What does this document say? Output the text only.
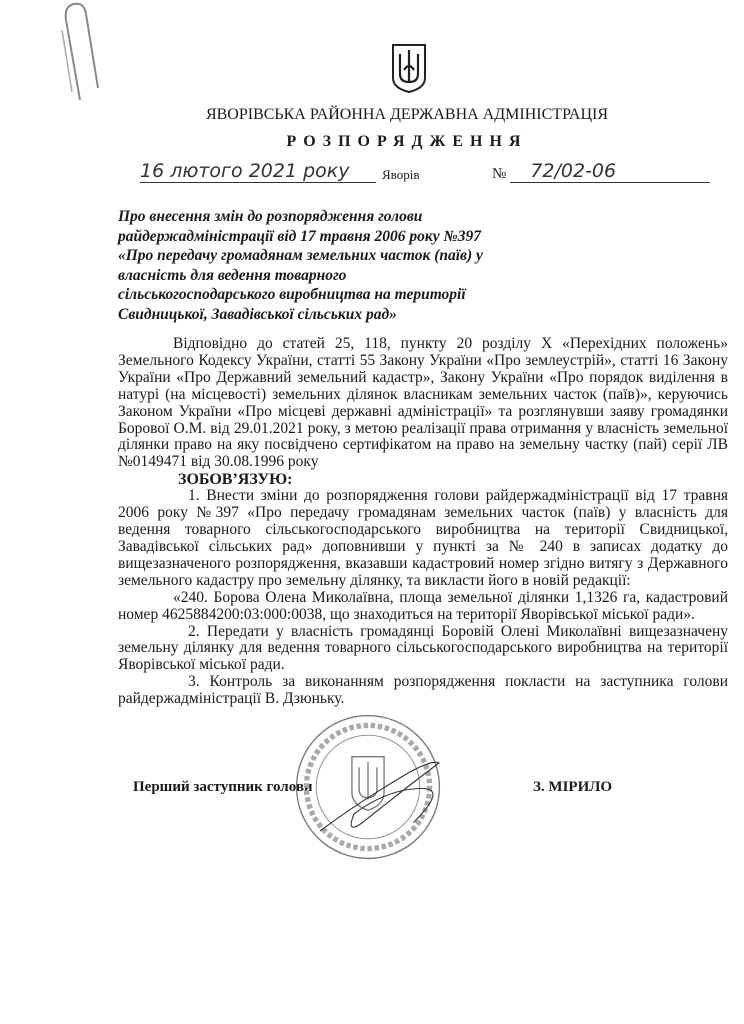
ЯВОРІВСЬКА РАЙОННА ДЕРЖАВНА АДМІНІСТРАЦІЯ
РОЗПОРЯДЖЕННЯ
16 лютого 2021 року	Яворів	№	72/02-06
Про внесення змін до розпорядження голови райдержадміністрації від 17 травня 2006 року №397 «Про передачу громадянам земельних часток (паїв) у власність для ведення товарного сільськогосподарського виробництва на території Свидницької, Завадівської сільських рад»
Відповідно до статей 25, 118, пункту 20 розділу X «Перехідних положень» Земельного Кодексу України, статті 55 Закону України «Про землеустрій», статті 16 Закону України «Про Державний земельний кадастр», Закону України «Про порядок виділення в натурі (на місцевості) земельних ділянок власникам земельних часток (паїв)», керуючись Законом України «Про місцеві державні адміністрації» та розглянувши заяву громадянки Борової О.М. від 29.01.2021 року, з метою реалізації права отримання у власність земельної ділянки право на яку посвідчено сертифікатом на право на земельну частку (пай) серії ЛВ №0149471 від 30.08.1996 року
ЗОБОВ’ЯЗУЮ:
1. Внести зміни до розпорядження голови райдержадміністрації від 17 травня 2006 року №397 «Про передачу громадянам земельних часток (паїв) у власність для ведення товарного сільськогосподарського виробництва на території Свидницької, Завадівської сільських рад» доповнивши у пункті за № 240 в записах додатку до вищезазначеного розпорядження, вказавши кадастровий номер згідно витягу з Державного земельного кадастру про земельну ділянку, та викласти його в новій редакції:
«240. Борова Олена Миколаївна, площа земельної ділянки 1,1326 га, кадастровий номер 4625884200:03:000:0038, що знаходиться на території Яворівської міської ради».
2. Передати у власність громадянці Боровій Олені Миколаївні вищезазначену земельну ділянку для ведення товарного сільськогосподарського виробництва на території Яворівської міської ради.
3. Контроль за виконанням розпорядження покласти на заступника голови райдержадміністрації В. Дзюньку.
Перший заступник голови	З. МІРИЛО
